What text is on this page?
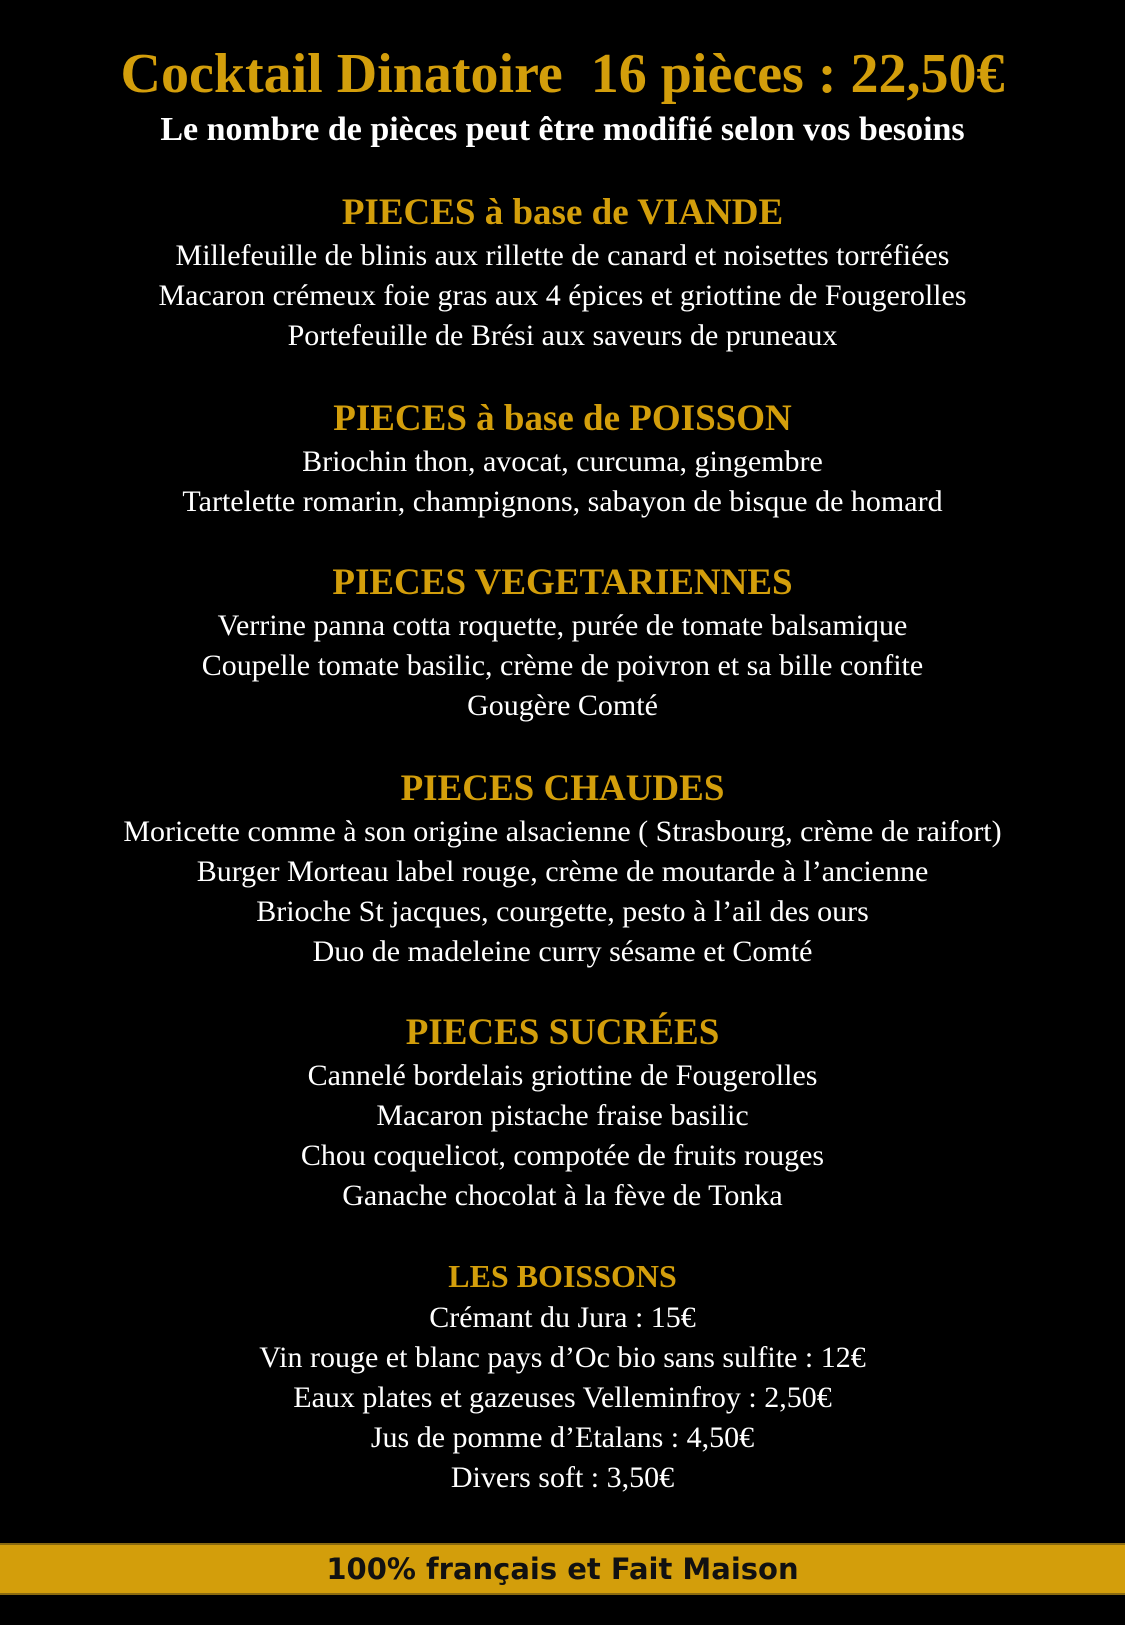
Cocktail Dinatoire  16 pièces : 22,50€
Le nombre de pièces peut être modifié selon vos besoins

PIECES à base de VIANDE

Millefeuille de blinis aux rillette de canard et noisettes torréfiées

Macaron crémeux foie gras aux 4 épices et griottine de Fougerolles

Portefeuille de Brési aux saveurs de pruneaux

PIECES à base de POISSON

Briochin thon, avocat, curcuma, gingembre

Tartelette romarin, champignons, sabayon de bisque de homard

PIECES VEGETARIENNES

Verrine panna cotta roquette, purée de tomate balsamique

Coupelle tomate basilic, crème de poivron et sa bille confite

Gougère Comté

PIECES CHAUDES

Moricette comme à son origine alsacienne ( Strasbourg, crème de raifort)

Burger Morteau label rouge, crème de moutarde à l’ancienne

Brioche St jacques, courgette, pesto à l’ail des ours

Duo de madeleine curry sésame et Comté

PIECES SUCRÉES

Cannelé bordelais griottine de Fougerolles

Macaron pistache fraise basilic

Chou coquelicot, compotée de fruits rouges

Ganache chocolat à la fève de Tonka

LES BOISSONS

Crémant du Jura : 15€

Vin rouge et blanc pays d’Oc bio sans sulfite : 12€

Eaux plates et gazeuses Velleminfroy : 2,50€

Jus de pomme d’Etalans : 4,50€

Divers soft : 3,50€

100% français et Fait Maison
